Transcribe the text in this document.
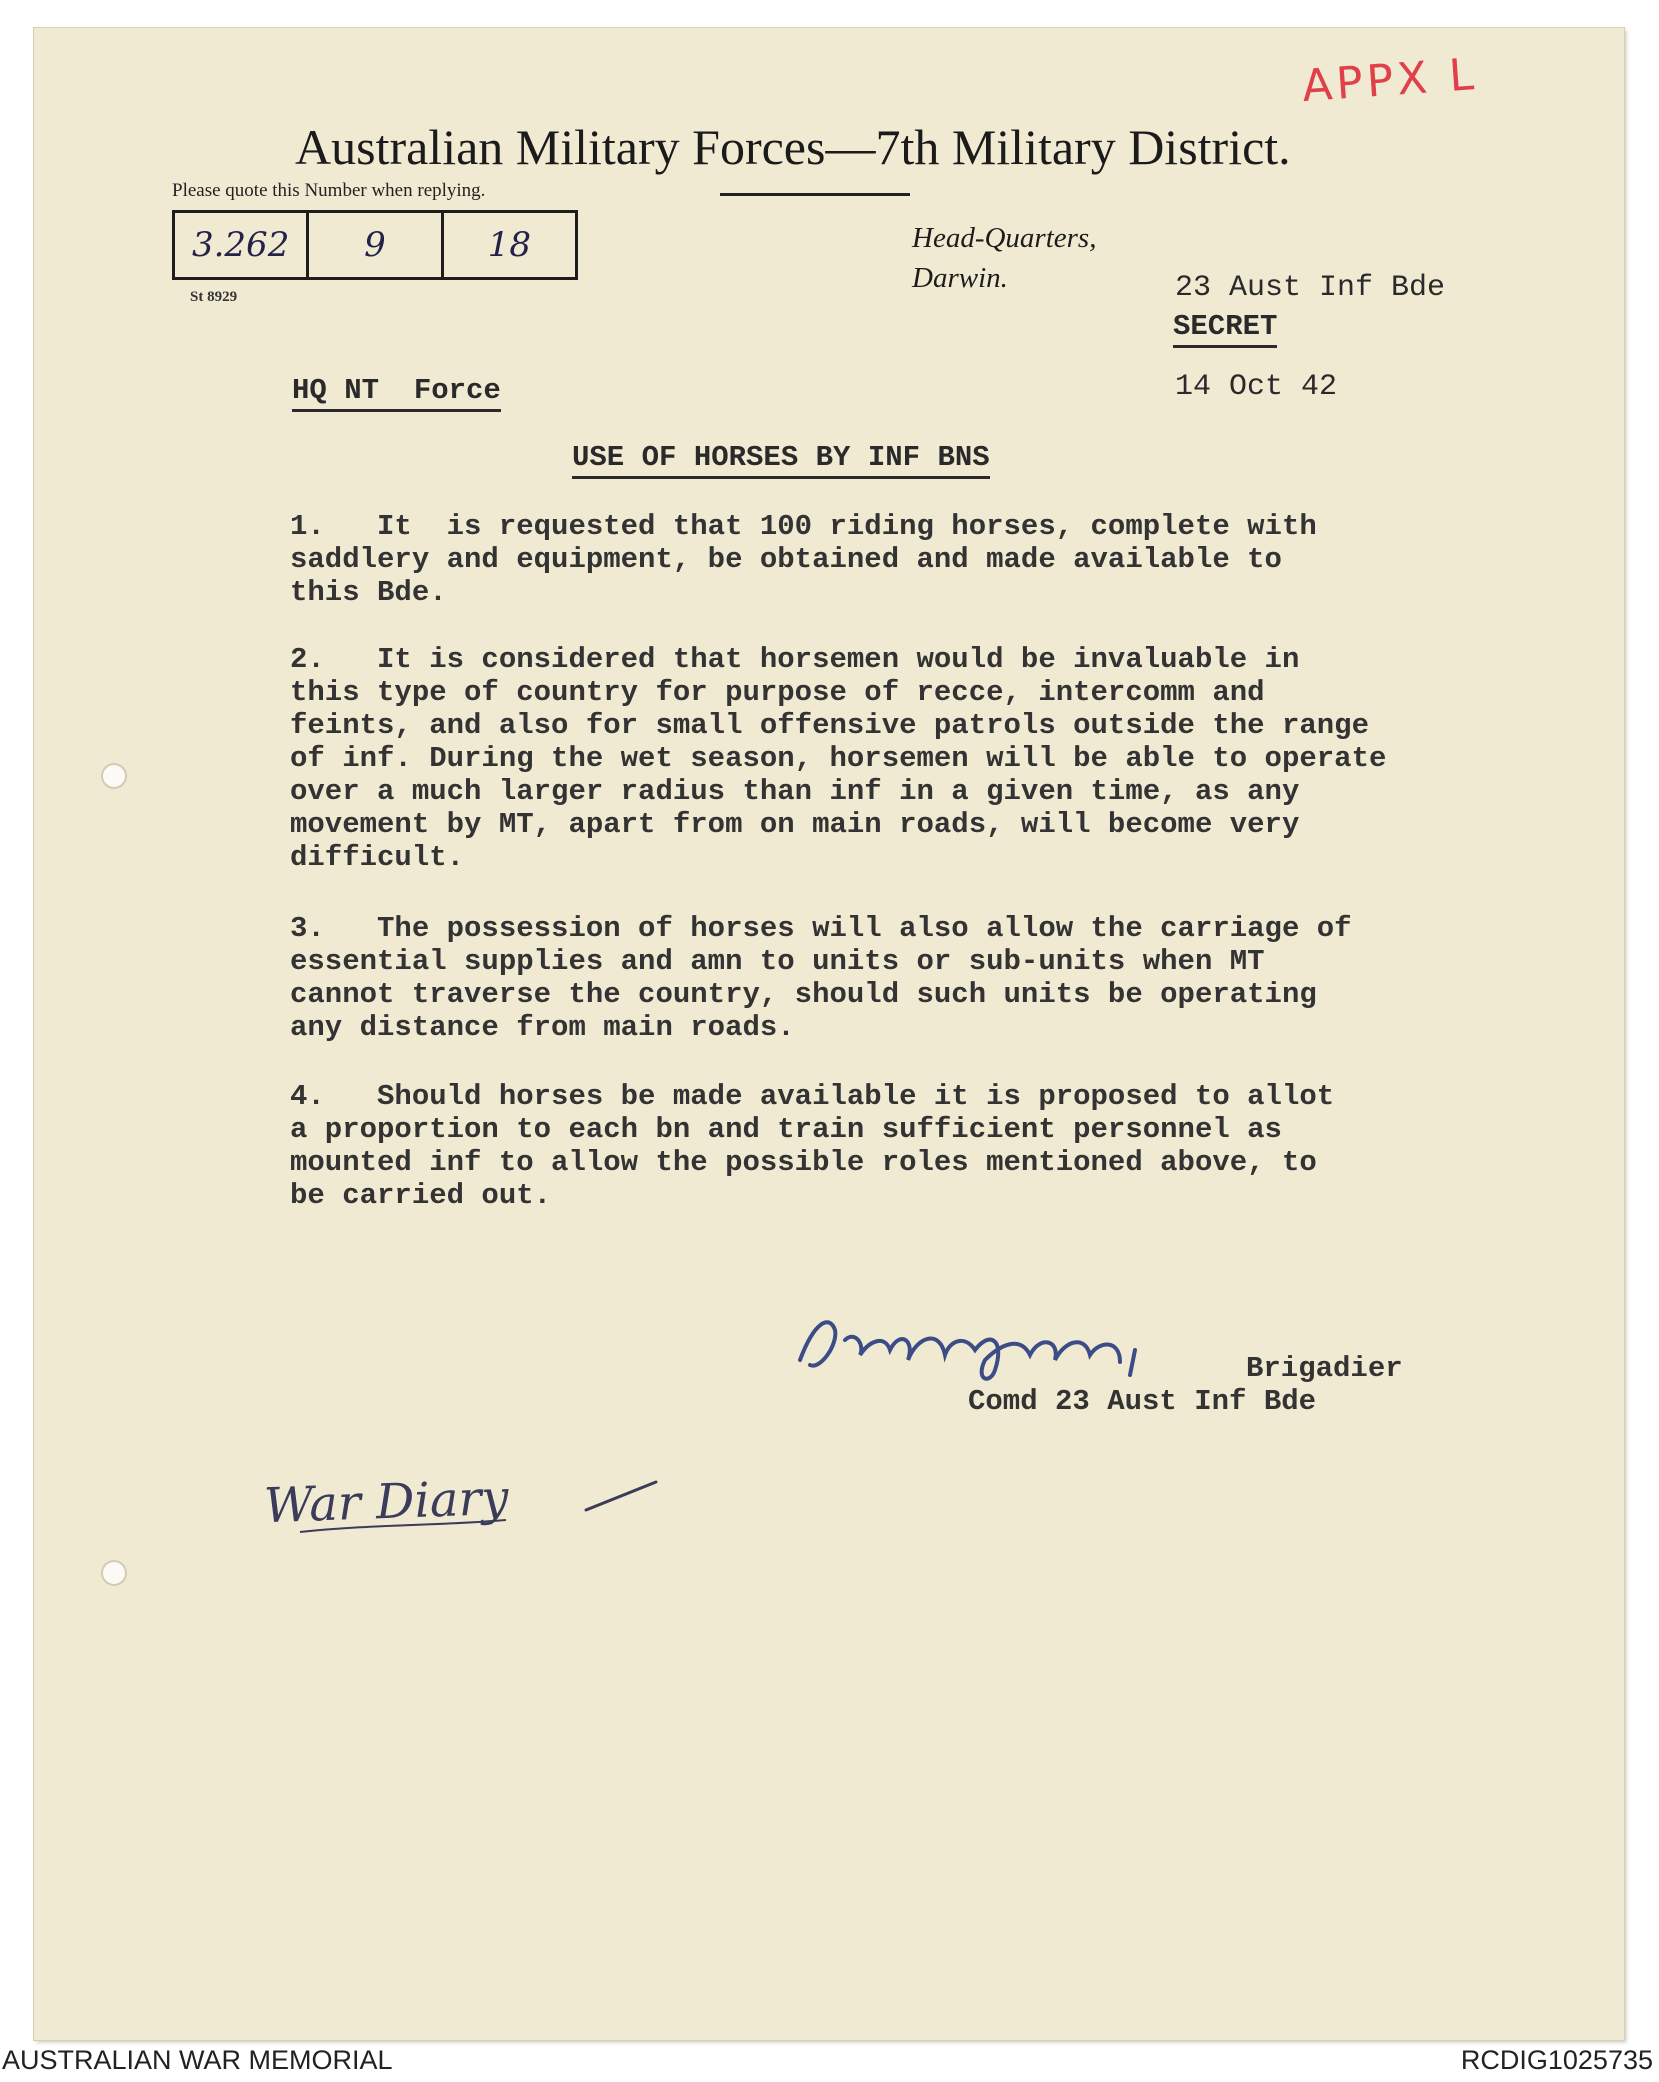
APPX L
Australian Military Forces—7th Military District.
Please quote this Number when replying.
3.262	9	18
St 8929
Head-Quarters,
Darwin.

	23 Aust Inf Bde

14 Oct 42

SECRET
HQ NT  Force
USE OF HORSES BY INF BNS
1.   It  is requested that 100 riding horses, complete with
saddlery and equipment, be obtained and made available to
this Bde.
2.   It is considered that horsemen would be invaluable in
this type of country for purpose of recce, intercomm and
feints, and also for small offensive patrols outside the range
of inf. During the wet season, horsemen will be able to operate
over a much larger radius than inf in a given time, as any
movement by MT, apart from on main roads, will become very
difficult.
3.   The possession of horses will also allow the carriage of
essential supplies and amn to units or sub-units when MT
cannot traverse the country, should such units be operating
any distance from main roads.
4.   Should horses be made available it is proposed to allot
a proportion to each bn and train sufficient personnel as
mounted inf to allow the possible roles mentioned above, to
be carried out.
Brigadier
Comd 23 Aust Inf Bde
War Diary
AUSTRALIAN WAR MEMORIAL	RCDIG1025735
